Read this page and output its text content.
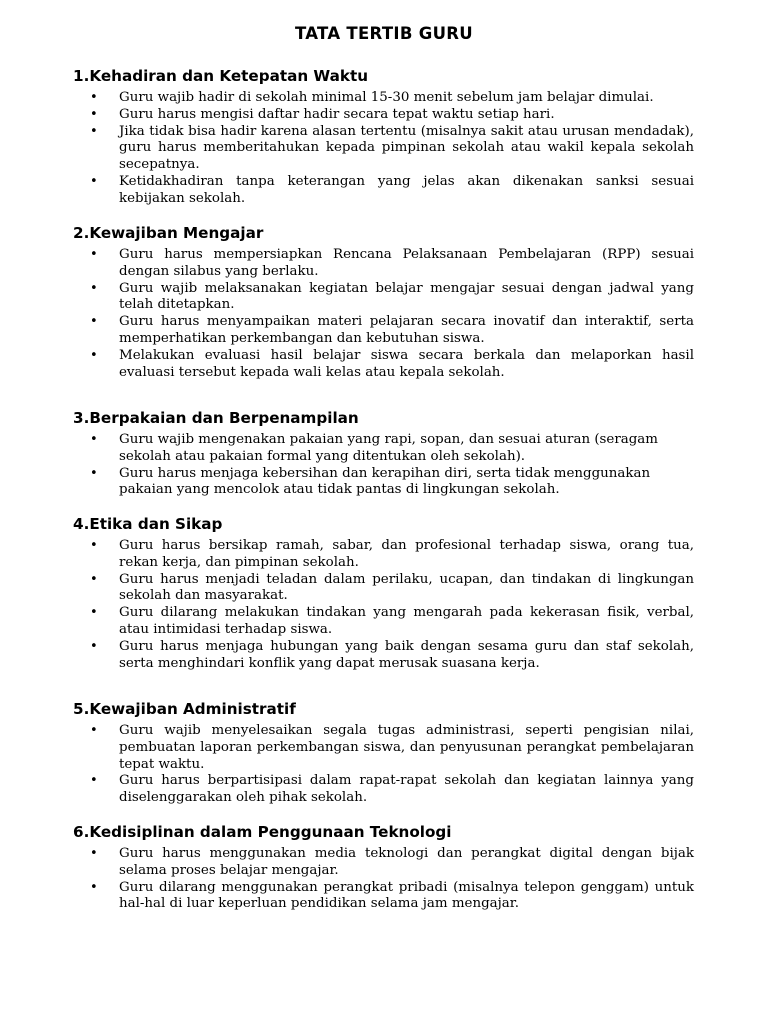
TATA TERTIB GURU
1.Kehadiran dan Ketepatan Waktu
• Guru wajib hadir di sekolah minimal 15-30 menit sebelum jam belajar dimulai.
• Guru harus mengisi daftar hadir secara tepat waktu setiap hari.
• Jika tidak bisa hadir karena alasan tertentu (misalnya sakit atau urusan mendadak), guru harus memberitahukan kepada pimpinan sekolah atau wakil kepala sekolah secepatnya.
• Ketidakhadiran tanpa keterangan yang jelas akan dikenakan sanksi sesuai kebijakan sekolah.
2.Kewajiban Mengajar
• Guru harus mempersiapkan Rencana Pelaksanaan Pembelajaran (RPP) sesuai dengan silabus yang berlaku.
• Guru wajib melaksanakan kegiatan belajar mengajar sesuai dengan jadwal yang telah ditetapkan.
• Guru harus menyampaikan materi pelajaran secara inovatif dan interaktif, serta memperhatikan perkembangan dan kebutuhan siswa.
• Melakukan evaluasi hasil belajar siswa secara berkala dan melaporkan hasil evaluasi tersebut kepada wali kelas atau kepala sekolah.
3.Berpakaian dan Berpenampilan
• Guru wajib mengenakan pakaian yang rapi, sopan, dan sesuai aturan (seragam sekolah atau pakaian formal yang ditentukan oleh sekolah).
• Guru harus menjaga kebersihan dan kerapihan diri, serta tidak menggunakan pakaian yang mencolok atau tidak pantas di lingkungan sekolah.
4.Etika dan Sikap
• Guru harus bersikap ramah, sabar, dan profesional terhadap siswa, orang tua, rekan kerja, dan pimpinan sekolah.
• Guru harus menjadi teladan dalam perilaku, ucapan, dan tindakan di lingkungan sekolah dan masyarakat.
• Guru dilarang melakukan tindakan yang mengarah pada kekerasan fisik, verbal, atau intimidasi terhadap siswa.
• Guru harus menjaga hubungan yang baik dengan sesama guru dan staf sekolah, serta menghindari konflik yang dapat merusak suasana kerja.
5.Kewajiban Administratif
• Guru wajib menyelesaikan segala tugas administrasi, seperti pengisian nilai, pembuatan laporan perkembangan siswa, dan penyusunan perangkat pembelajaran tepat waktu.
• Guru harus berpartisipasi dalam rapat-rapat sekolah dan kegiatan lainnya yang diselenggarakan oleh pihak sekolah.
6.Kedisiplinan dalam Penggunaan Teknologi
• Guru harus menggunakan media teknologi dan perangkat digital dengan bijak selama proses belajar mengajar.
• Guru dilarang menggunakan perangkat pribadi (misalnya telepon genggam) untuk hal-hal di luar keperluan pendidikan selama jam mengajar.
